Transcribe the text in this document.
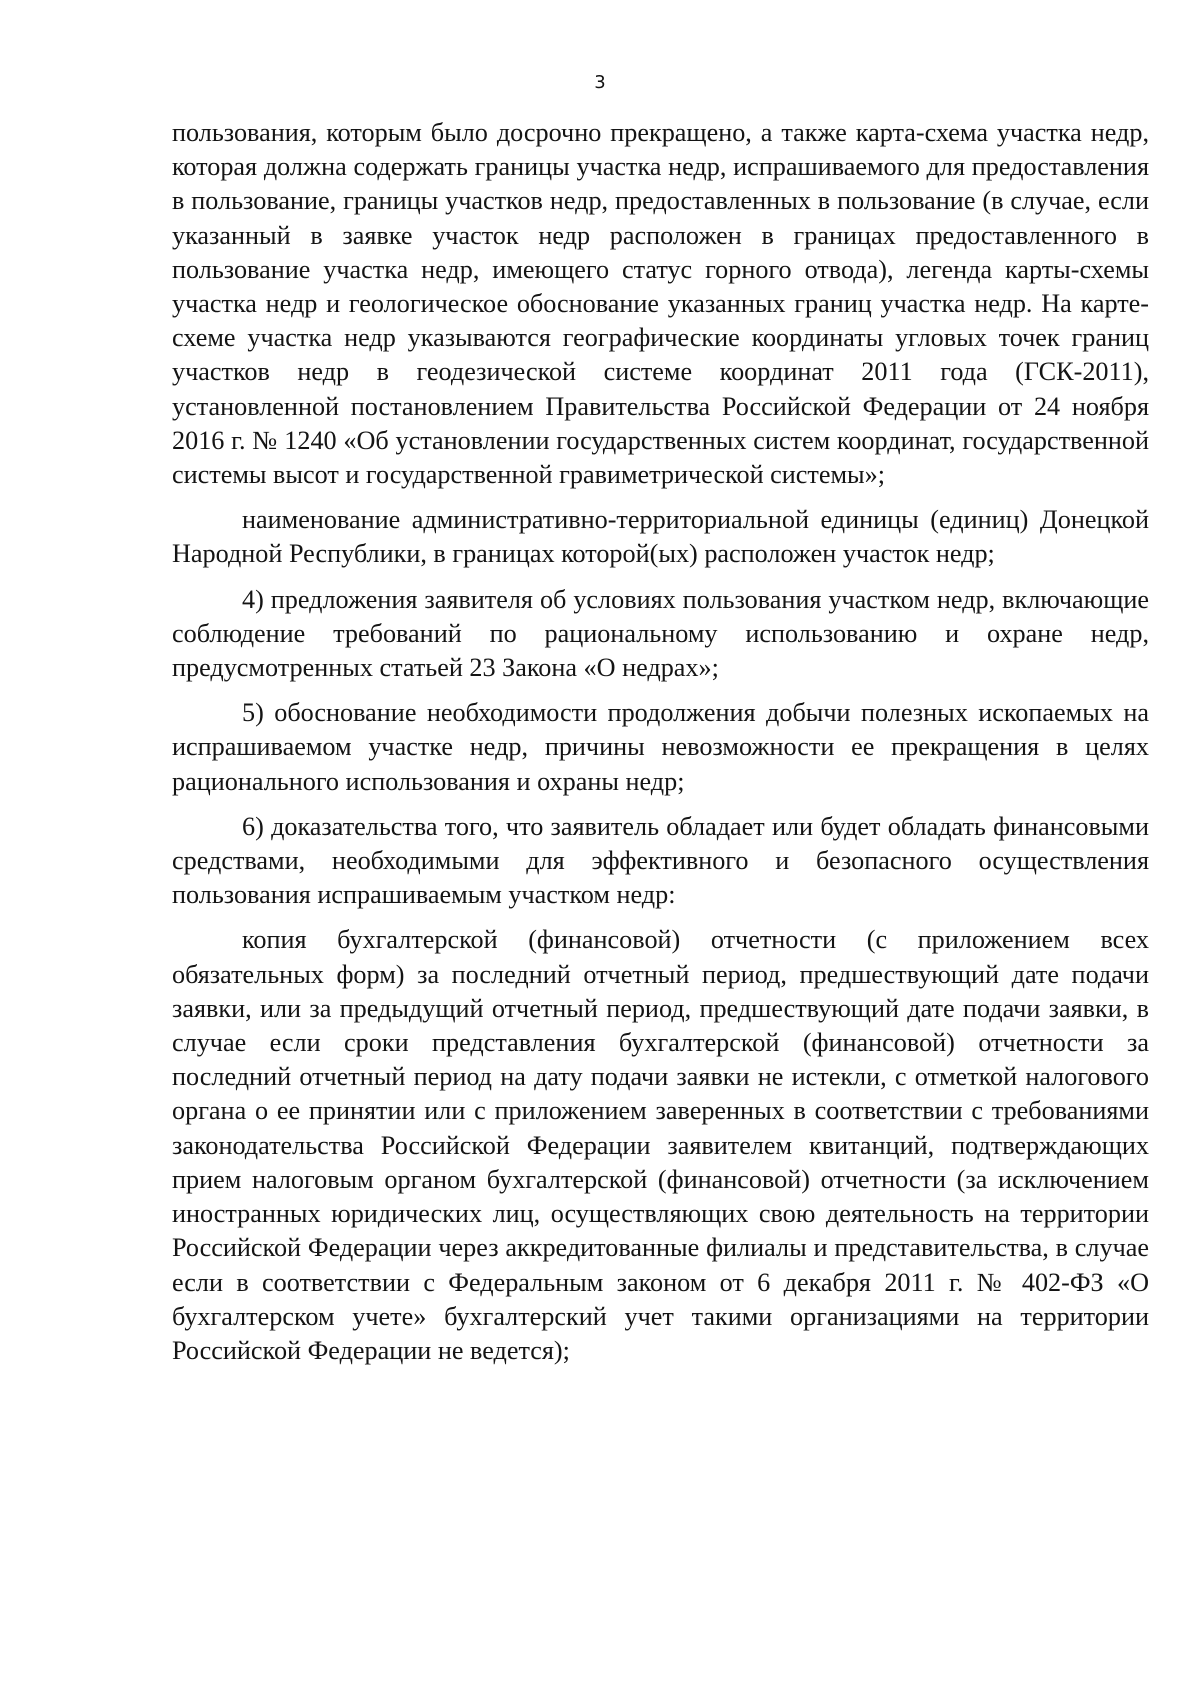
3

пользования, которым было досрочно прекращено, а также карта-схема участка недр, которая должна содержать границы участка недр, испрашиваемого для предоставления в пользование, границы участков недр, предоставленных в пользование (в случае, если указанный в заявке участок недр расположен в границах предоставленного в пользование участка недр, имеющего статус горного отвода), легенда карты-схемы участка недр и геологическое обоснование указанных границ участка недр. На карте-схеме участка недр указываются географические координаты угловых точек границ участков недр в геодезической системе координат 2011 года (ГСК-2011), установленной постановлением Правительства Российской Федерации от 24 ноября 2016 г. № 1240 «Об установлении государственных систем координат, государственной системы высот и государственной гравиметрической системы»;

наименование административно-территориальной единицы (единиц) Донецкой Народной Республики, в границах которой(ых) расположен участок недр;

4) предложения заявителя об условиях пользования участком недр, включающие соблюдение требований по рациональному использованию и охране недр, предусмотренных статьей 23 Закона «О недрах»;

5) обоснование необходимости продолжения добычи полезных ископаемых на испрашиваемом участке недр, причины невозможности ее прекращения в целях рационального использования и охраны недр;

6) доказательства того, что заявитель обладает или будет обладать финансовыми средствами, необходимыми для эффективного и безопасного осуществления пользования испрашиваемым участком недр:

копия бухгалтерской (финансовой) отчетности (с приложением всех обязательных форм) за последний отчетный период, предшествующий дате подачи заявки, или за предыдущий отчетный период, предшествующий дате подачи заявки, в случае если сроки представления бухгалтерской (финансовой) отчетности за последний отчетный период на дату подачи заявки не истекли, с отметкой налогового органа о ее принятии или с приложением заверенных в соответствии с требованиями законодательства Российской Федерации заявителем квитанций, подтверждающих прием налоговым органом бухгалтерской (финансовой) отчетности (за исключением иностранных юридических лиц, осуществляющих свою деятельность на территории Российской Федерации через аккредитованные филиалы и представительства, в случае если в соответствии с Федеральным законом от 6 декабря 2011 г. № 402-ФЗ «О бухгалтерском учете» бухгалтерский учет такими организациями на территории Российской Федерации не ведется);
